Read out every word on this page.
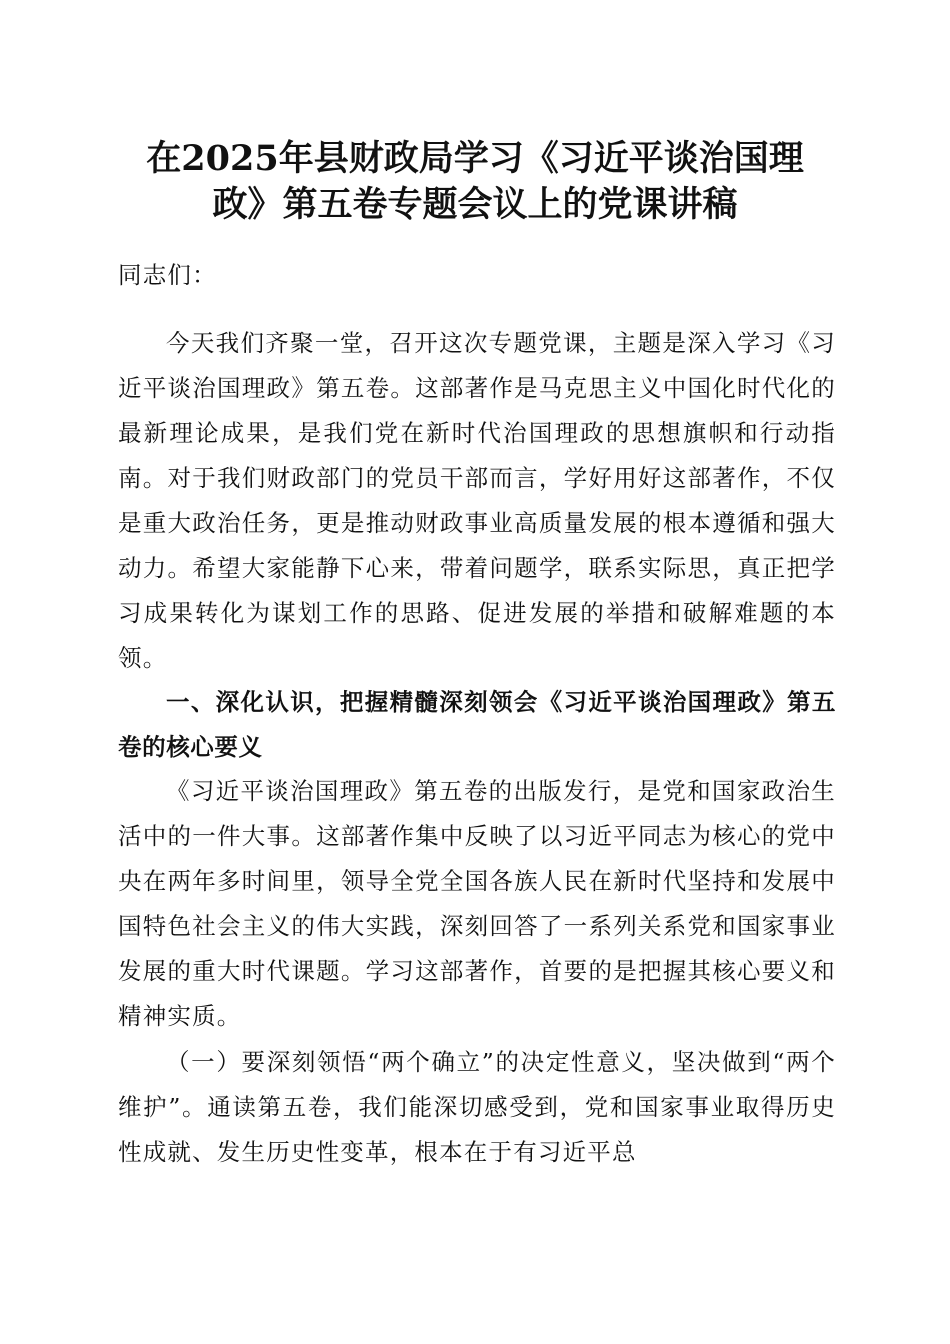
在2025年县财政局学习《习近平谈治国理
政》第五卷专题会议上的党课讲稿

同志们：

今天我们齐聚一堂，召开这次专题党课，主题是深入学习《习近平谈治国理政》第五卷。这部著作是马克思主义中国化时代化的最新理论成果，是我们党在新时代治国理政的思想旗帜和行动指南。对于我们财政部门的党员干部而言，学好用好这部著作，不仅是重大政治任务，更是推动财政事业高质量发展的根本遵循和强大动力。希望大家能静下心来，带着问题学，联系实际思，真正把学习成果转化为谋划工作的思路、促进发展的举措和破解难题的本领。

一、深化认识，把握精髓深刻领会《习近平谈治国理政》第五卷的核心要义

《习近平谈治国理政》第五卷的出版发行，是党和国家政治生活中的一件大事。这部著作集中反映了以习近平同志为核心的党中央在两年多时间里，领导全党全国各族人民在新时代坚持和发展中国特色社会主义的伟大实践，深刻回答了一系列关系党和国家事业发展的重大时代课题。学习这部著作，首要的是把握其核心要义和精神实质。

（一）要深刻领悟“两个确立”的决定性意义，坚决做到“两个维护”。通读第五卷，我们能深切感受到，党和国家事业取得历史性成就、发生历史性变革，根本在于有习近平总
